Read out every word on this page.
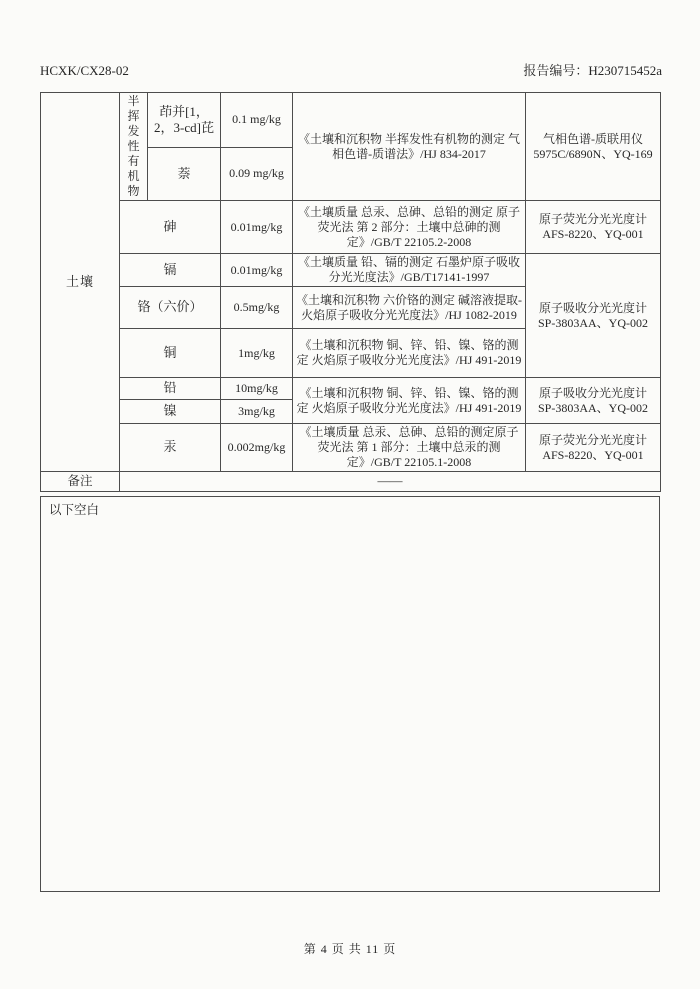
HCXK/CX28-02	报告编号：H230715452a
土壤	半挥发性有机物	茚并[1，2，3-cd]芘	0.1 mg/kg	《土壤和沉积物 半挥发性有机物的测定 气相色谱-质谱法》/HJ 834-2017	气相色谱-质联用仪 5975C/6890N、YQ-169
		萘	0.09 mg/kg		
	砷		0.01mg/kg	《土壤质量 总汞、总砷、总铅的测定 原子荧光法 第 2 部分：土壤中总砷的测定》/GB/T 22105.2-2008	原子荧光分光光度计 AFS-8220、YQ-001
	镉		0.01mg/kg	《土壤质量 铅、镉的测定 石墨炉原子吸收分光光度法》/GB/T17141-1997	原子吸收分光光度计 SP-3803AA、YQ-002
	铬（六价）		0.5mg/kg	《土壤和沉积物 六价铬的测定 碱溶液提取-火焰原子吸收分光光度法》/HJ 1082-2019	
	铜		1mg/kg	《土壤和沉积物 铜、锌、铅、镍、铬的测定 火焰原子吸收分光光度法》/HJ 491-2019	
	铅		10mg/kg	《土壤和沉积物 铜、锌、铅、镍、铬的测定 火焰原子吸收分光光度法》/HJ 491-2019	原子吸收分光光度计 SP-3803AA、YQ-002
	镍		3mg/kg		
	汞		0.002mg/kg	《土壤质量 总汞、总砷、总铅的测定原子荧光法 第 1 部分：土壤中总汞的测定》/GB/T 22105.1-2008	原子荧光分光光度计 AFS-8220、YQ-001
备注	——				
以下空白
第 4 页 共 11 页
